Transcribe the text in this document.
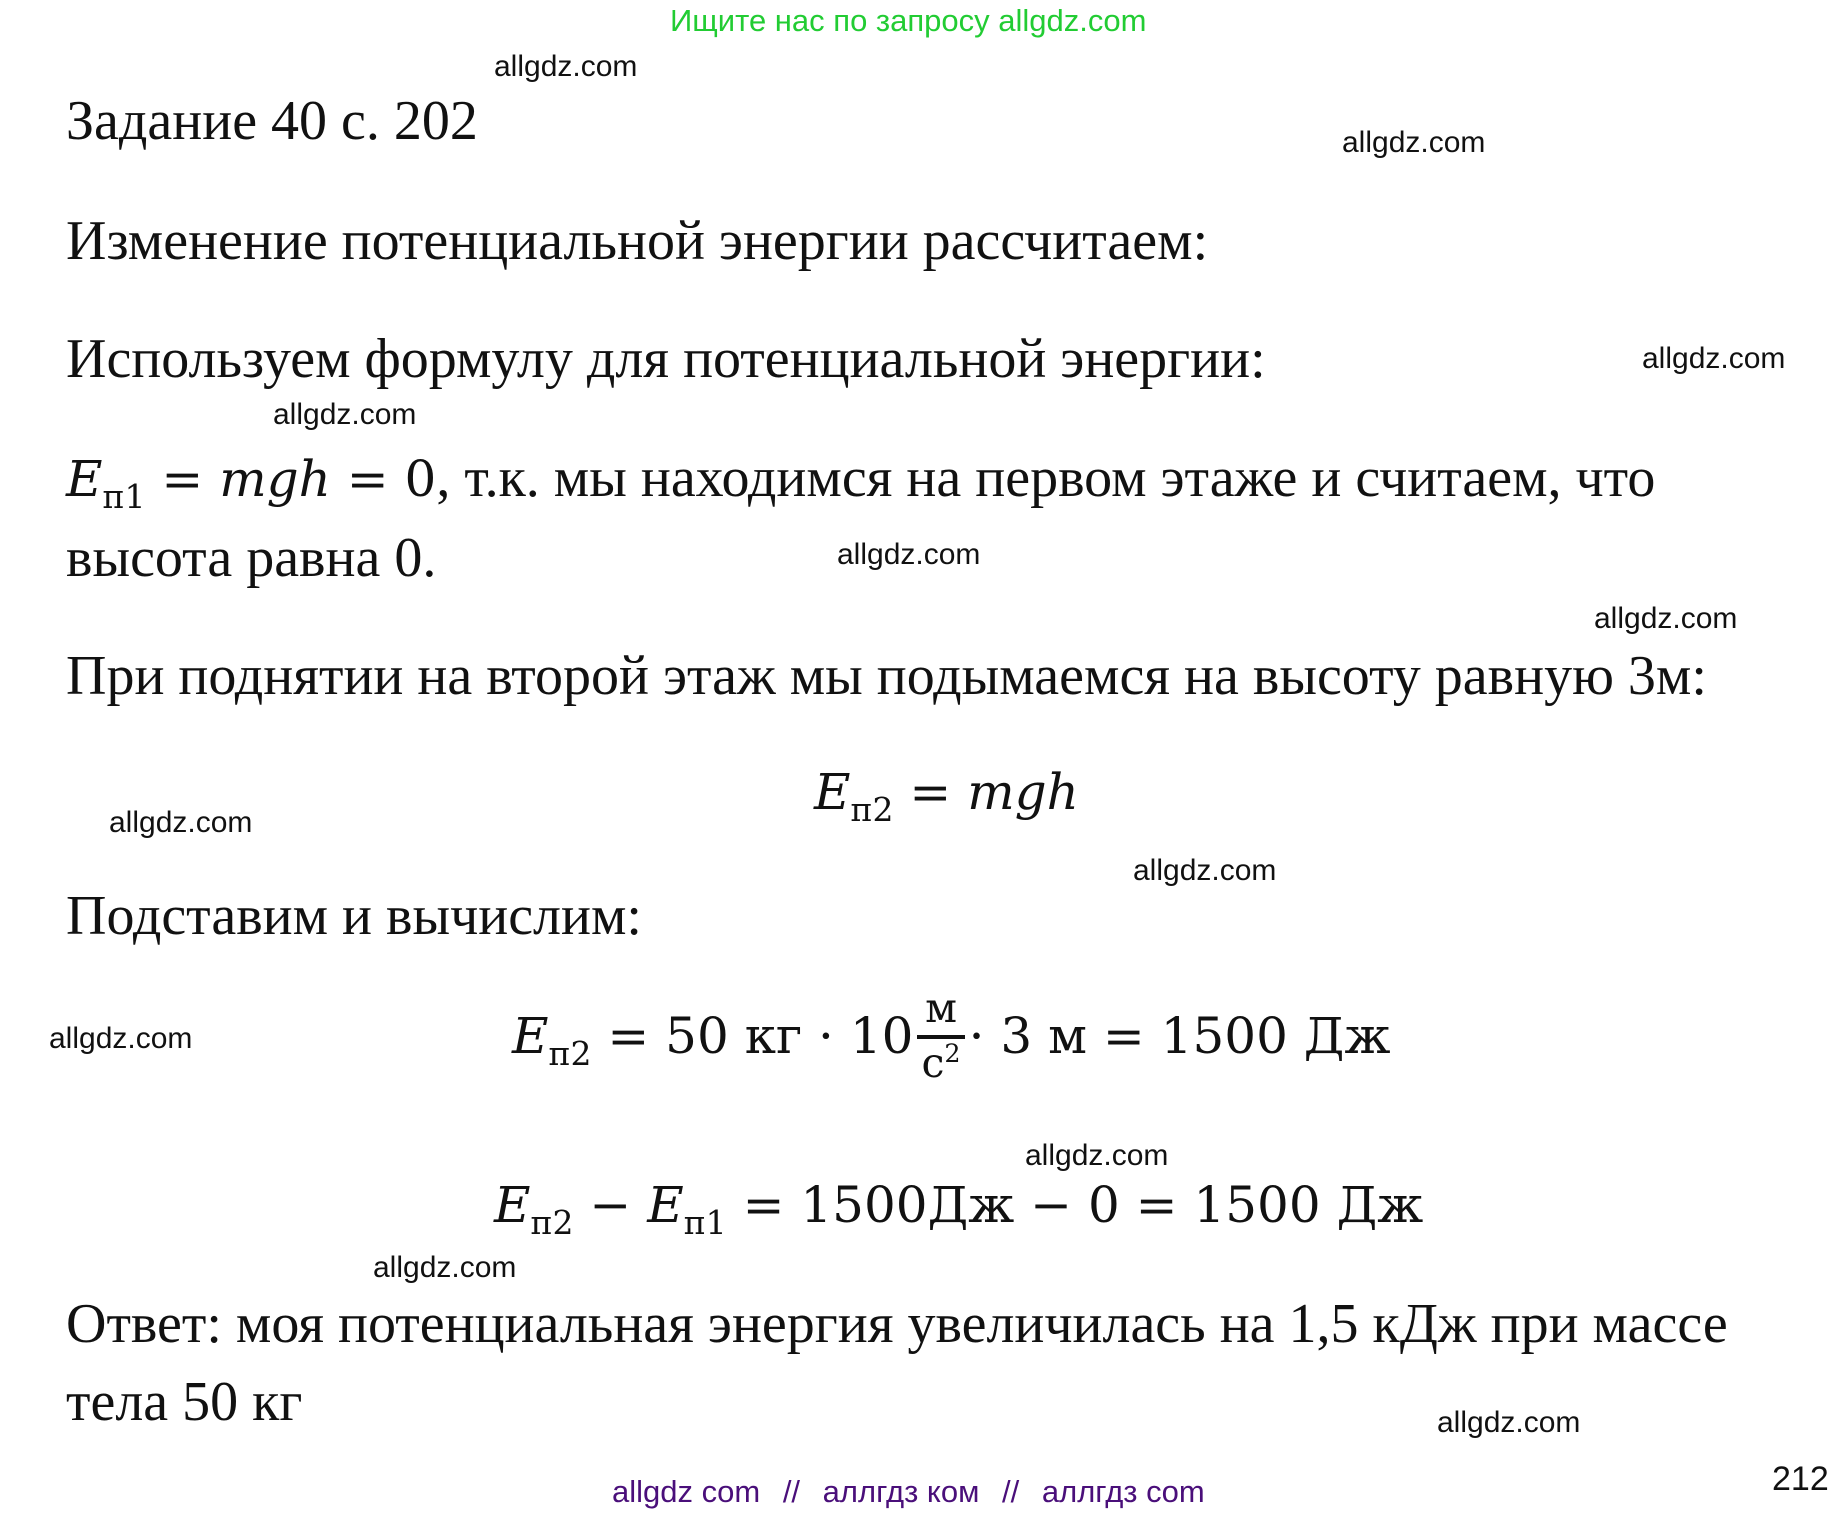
Ищите нас по запросу allgdz.com
Задание 40 с. 202
Изменение потенциальной энергии рассчитаем:
Используем формулу для потенциальной энергии:
$E_{п1}$ = mgh = 0, т.к. мы находимся на первом этаже и считаем, что
высота равна 0.
При поднятии на второй этаж мы подымаемся на высоту равную 3м:
$E_{п2}$ = mgh
Подставим и вычислим:
$E_{п2} = 50$ кг · $10 \frac{м}{с^2} \cdot 3$ м = 1500 Дж
$E_{п2} - E_{п1} = 1500Дж - 0 = 1500$ Дж
Ответ: моя потенциальная энергия увеличилась на 1,5 кДж при массе
тела 50 кг
allgdz.com
allgdz.com
allgdz.com
allgdz.com
allgdz.com
allgdz.com
allgdz.com
allgdz.com
allgdz.com
allgdz.com
allgdz.com
allgdz.com
allgdz com // аллгдз ком // аллгдз com	212
